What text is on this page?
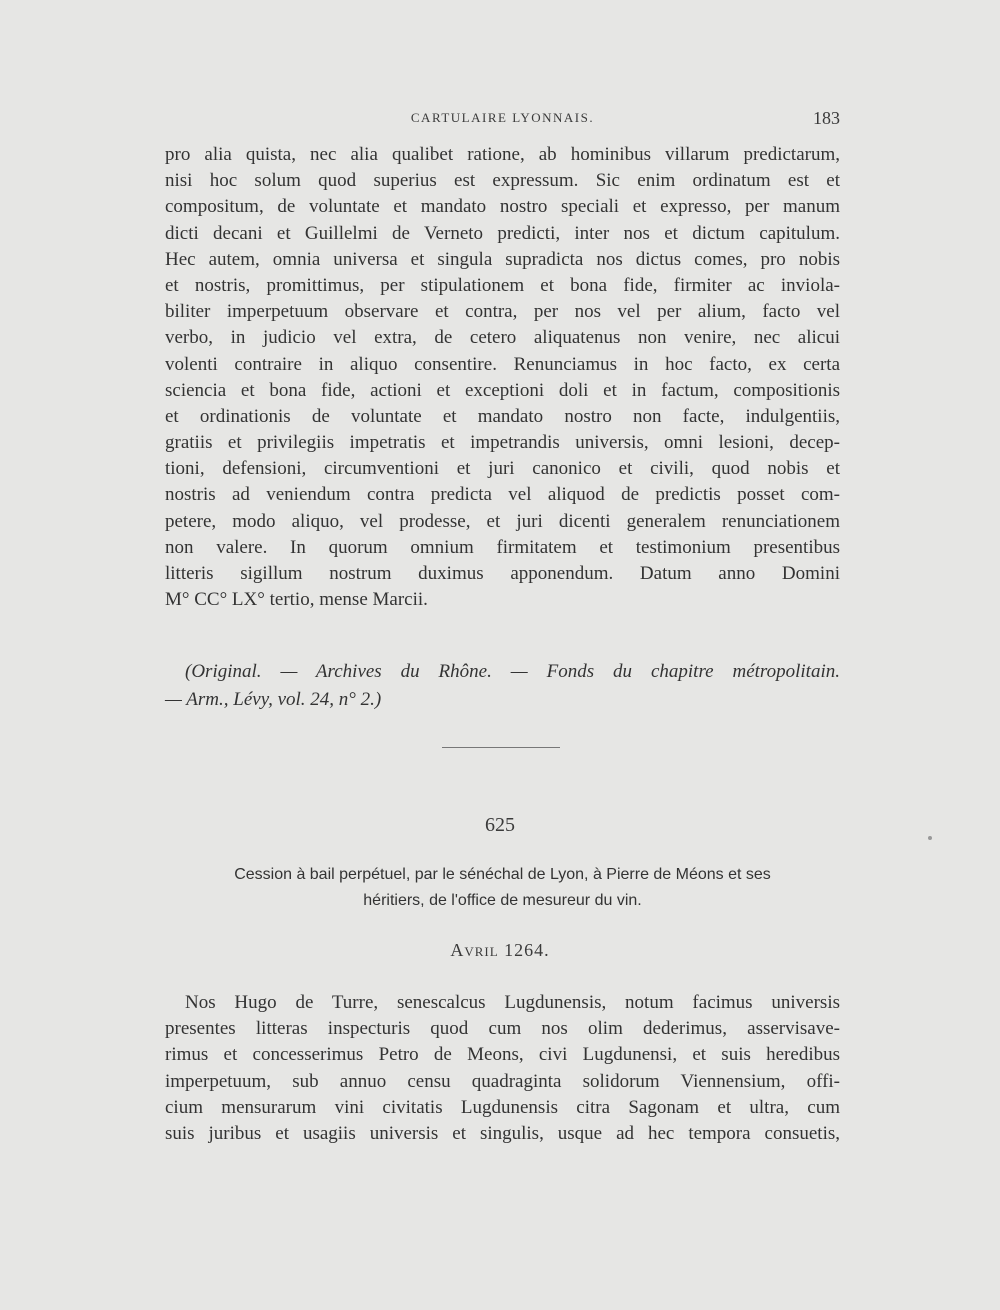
CARTULAIRE LYONNAIS.	183
pro alia quista, nec alia qualibet ratione, ab hominibus villarum predictarum,
nisi hoc solum quod superius est expressum. Sic enim ordinatum est et
compositum, de voluntate et mandato nostro speciali et expresso, per manum
dicti decani et Guillelmi de Verneto predicti, inter nos et dictum capitulum.
Hec autem, omnia universa et singula supradicta nos dictus comes, pro nobis
et nostris, promittimus, per stipulationem et bona fide, firmiter ac inviola-
biliter imperpetuum observare et contra, per nos vel per alium, facto vel
verbo, in judicio vel extra, de cetero aliquatenus non venire, nec alicui
volenti contraire in aliquo consentire. Renunciamus in hoc facto, ex certa
sciencia et bona fide, actioni et exceptioni doli et in factum, compositionis
et ordinationis de voluntate et mandato nostro non facte, indulgentiis,
gratiis et privilegiis impetratis et impetrandis universis, omni lesioni, decep-
tioni, defensioni, circumventioni et juri canonico et civili, quod nobis et
nostris ad veniendum contra predicta vel aliquod de predictis posset com-
petere, modo aliquo, vel prodesse, et juri dicenti generalem renunciationem
non valere. In quorum omnium firmitatem et testimonium presentibus
litteris sigillum nostrum duximus apponendum. Datum anno Domini
M° CC° LX° tertio, mense Marcii.
(Original. — Archives du Rhône. — Fonds du chapitre métropolitain.
— Arm., Lévy, vol. 24, n° 2.)
625
Cession à bail perpétuel, par le sénéchal de Lyon, à Pierre de Méons et ses
héritiers, de l'office de mesureur du vin.
AVRIL 1264.
Nos Hugo de Turre, senescalcus Lugdunensis, notum facimus universis
presentes litteras inspecturis quod cum nos olim dederimus, asservisave-
rimus et concesserimus Petro de Meons, civi Lugdunensi, et suis heredibus
imperpetuum, sub annuo censu quadraginta solidorum Viennensium, offi-
cium mensurarum vini civitatis Lugdunensis citra Sagonam et ultra, cum
suis juribus et usagiis universis et singulis, usque ad hec tempora consuetis,
